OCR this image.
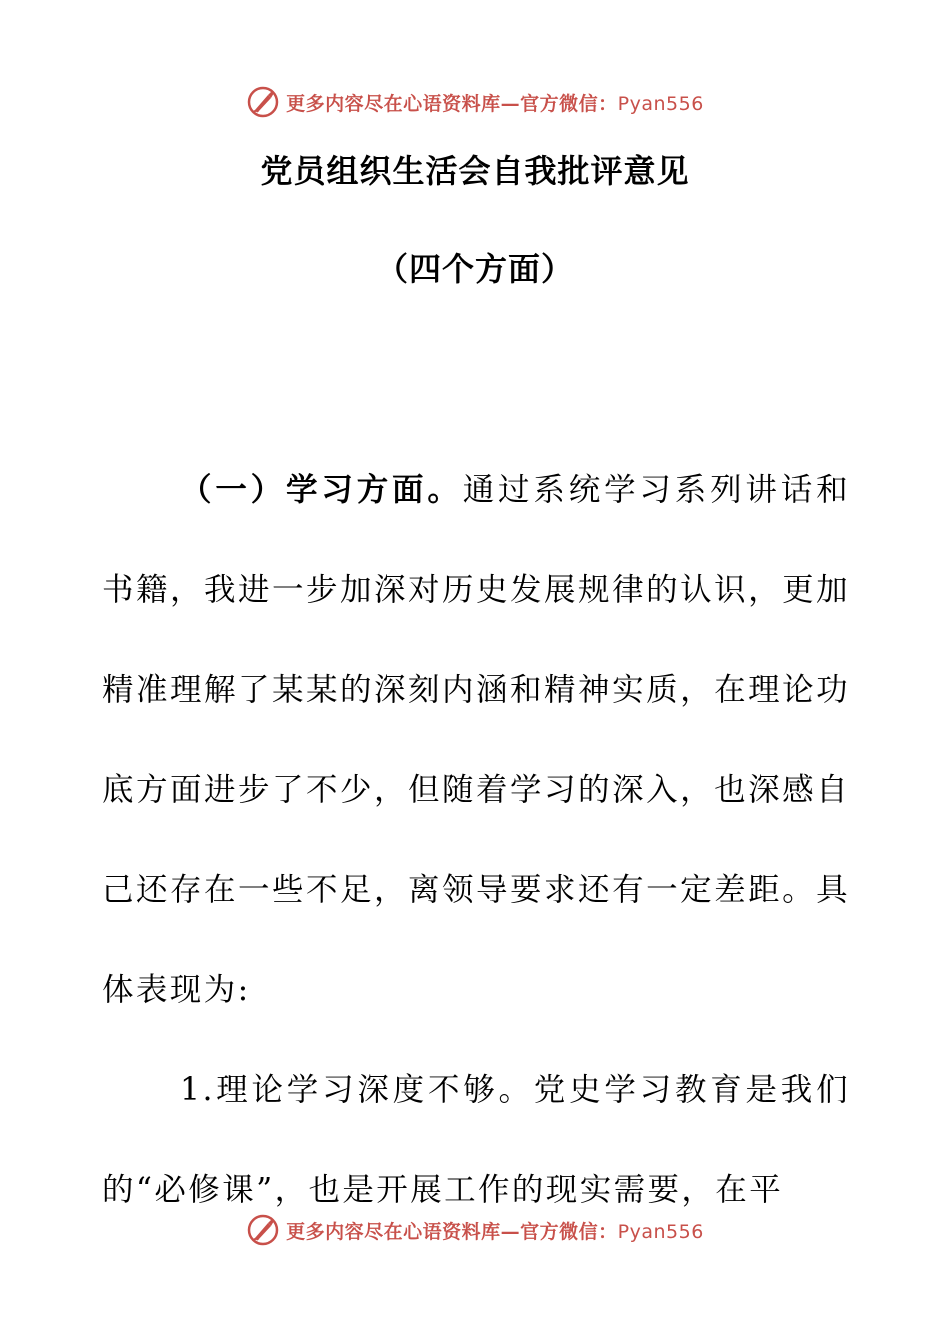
更多内容尽在心语资料库—官方微信：Pyan556
党员组织生活会自我批评意见
（四个方面）

（一）学习方面。通过系统学习系列讲话和书籍，我进一步加深对历史发展规律的认识，更加精准理解了某某的深刻内涵和精神实质，在理论功底方面进步了不少，但随着学习的深入，也深感自己还存在一些不足，离领导要求还有一定差距。具体表现为:

1.理论学习深度不够。党史学习教育是我们的“必修课”，也是开展工作的现实需要，在平

更多内容尽在心语资料库—官方微信：Pyan556
